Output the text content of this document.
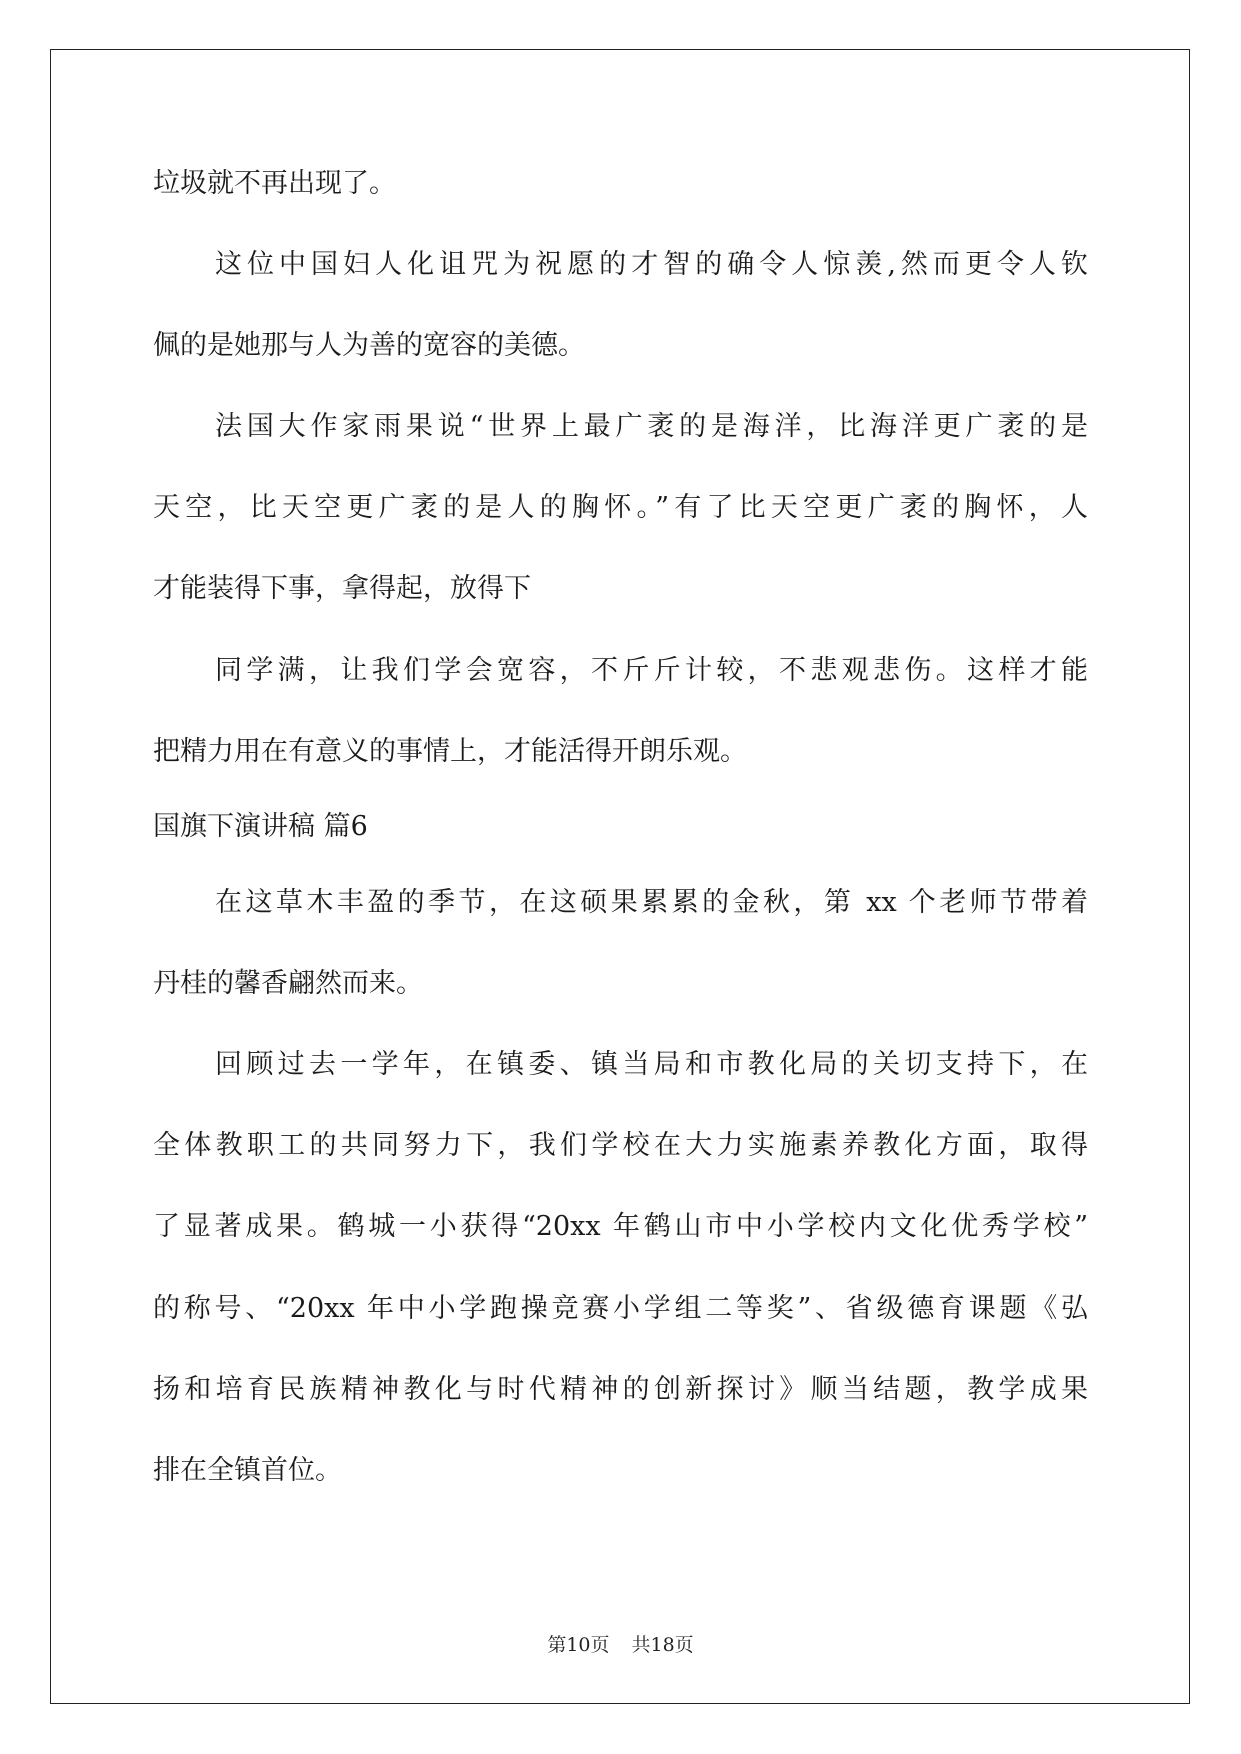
垃圾就不再出现了。
这位中国妇人化诅咒为祝愿的才智的确令人惊羡,然而更令人钦
佩的是她那与人为善的宽容的美德。
法国大作家雨果说“世界上最广袤的是海洋，比海洋更广袤的是
天空，比天空更广袤的是人的胸怀。”有了比天空更广袤的胸怀，人
才能装得下事，拿得起，放得下
同学满，让我们学会宽容，不斤斤计较，不悲观悲伤。这样才能
把精力用在有意义的事情上，才能活得开朗乐观。
国旗下演讲稿 篇6
在这草木丰盈的季节，在这硕果累累的金秋，第 xx 个老师节带着
丹桂的馨香翩然而来。
回顾过去一学年，在镇委、镇当局和市教化局的关切支持下，在
全体教职工的共同努力下，我们学校在大力实施素养教化方面，取得
了显著成果。鹤城一小获得“20xx 年鹤山市中小学校内文化优秀学校”
的称号、“20xx 年中小学跑操竞赛小学组二等奖”、省级德育课题《弘
扬和培育民族精神教化与时代精神的创新探讨》顺当结题，教学成果
排在全镇首位。
第10页 共18页
